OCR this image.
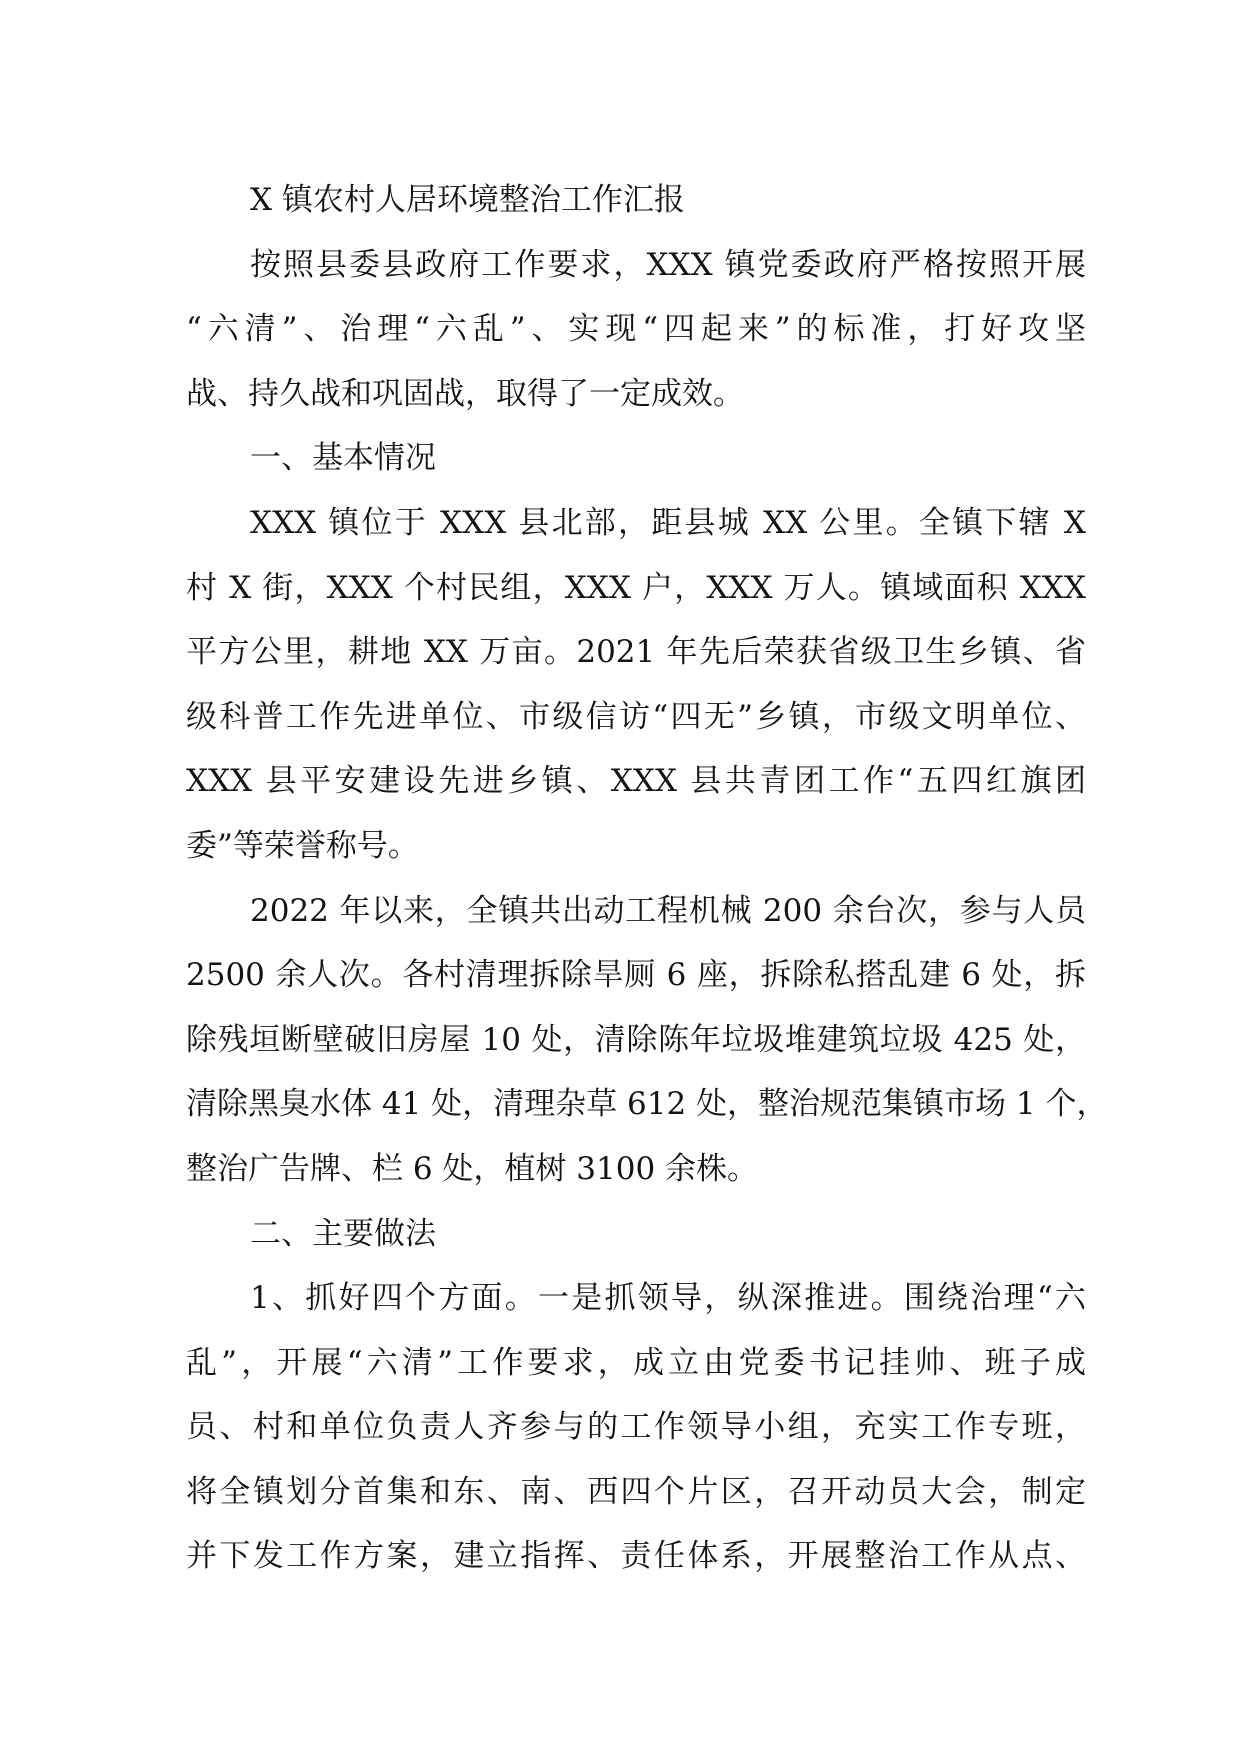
X 镇农村人居环境整治工作汇报
按照县委县政府工作要求，XXX 镇党委政府严格按照开展
“六清”、治理“六乱”、实现“四起来”的标准，打好攻坚
战、持久战和巩固战，取得了一定成效。
一、基本情况
XXX 镇位于 XXX 县北部，距县城 XX 公里。全镇下辖 X
村 X 街，XXX 个村民组，XXX 户，XXX 万人。镇域面积 XXX
平方公里，耕地 XX 万亩。2021 年先后荣获省级卫生乡镇、省
级科普工作先进单位、市级信访“四无”乡镇，市级文明单位、
XXX 县平安建设先进乡镇、XXX 县共青团工作“五四红旗团
委”等荣誉称号。
2022 年以来，全镇共出动工程机械 200 余台次，参与人员
2500 余人次。各村清理拆除旱厕 6 座，拆除私搭乱建 6 处，拆
除残垣断壁破旧房屋 10 处，清除陈年垃圾堆建筑垃圾 425 处，
清除黑臭水体 41 处，清理杂草 612 处，整治规范集镇市场 1 个，
整治广告牌、栏 6 处，植树 3100 余株。
二、主要做法
1、抓好四个方面。一是抓领导，纵深推进。围绕治理“六
乱”，开展“六清”工作要求，成立由党委书记挂帅、班子成
员、村和单位负责人齐参与的工作领导小组，充实工作专班，
将全镇划分首集和东、南、西四个片区，召开动员大会，制定
并下发工作方案，建立指挥、责任体系，开展整治工作从点、
